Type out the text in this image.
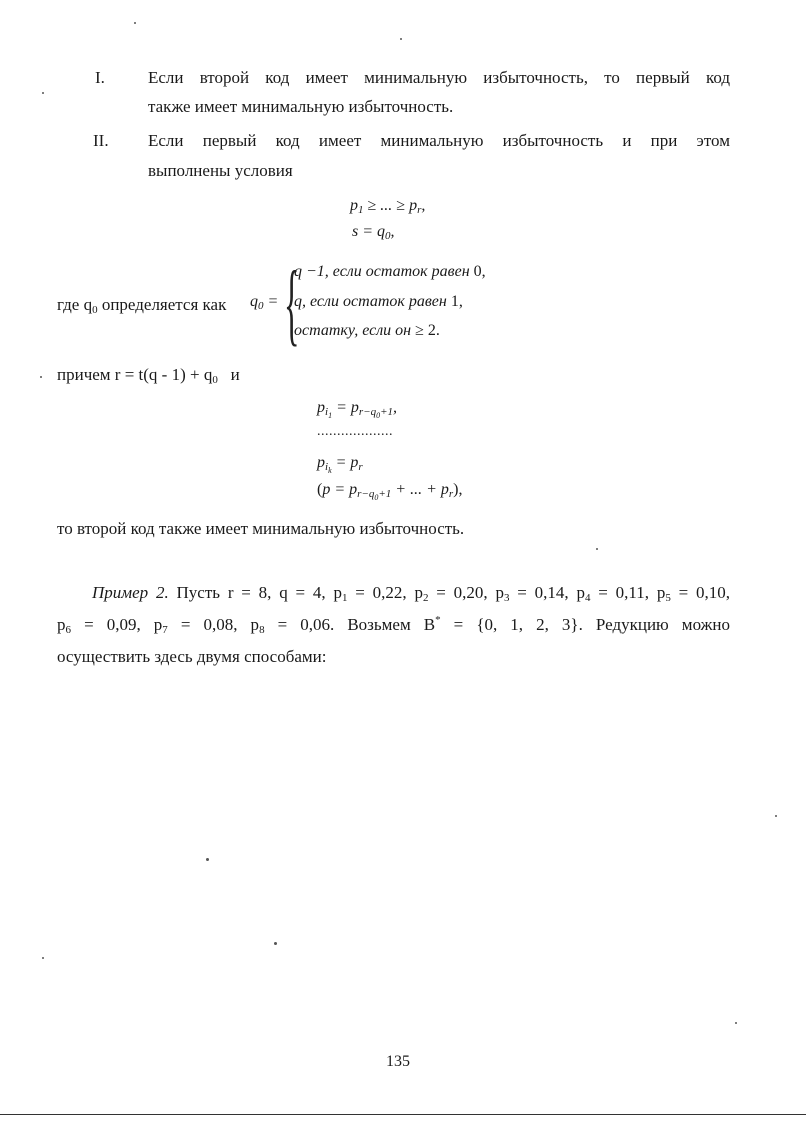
I.	Если второй код имеет минимальную избыточность, то первый код
также имеет минимальную избыточность.
II. Если первый код имеет минимальную избыточность и при этом
выполнены условия
$p_1$ ≥ ... ≥ $p_r$,
$s = q_0$,
где $q_0$ определяется как $q_0$ = {
q −1, если остаток равен 0,
q, если остаток равен 1,
остатку, если он ≥ 2.
причем $r = t(q - 1) + q_0$   и
$p_{i_1} = p_{r-q_0+1}$,
...................
$p_{i_k} = p_r$
($p = p_{r-q_0+1}$ + ... + $p_r$),
то второй код также имеет минимальную избыточность.
Пример 2. Пусть r = 8, q = 4, $p_1 = 0,22$, $p_2 = 0,20$, $p_3 = 0,14$, $p_4 = 0,11$, $p_5 = 0,10$,
$p_6 = 0,09$, $p_7 = 0,08$, $p_8 = 0,06$. Возьмем B* = {0, 1, 2, 3}. Редукцию можно
осуществить здесь двумя способами:
135
